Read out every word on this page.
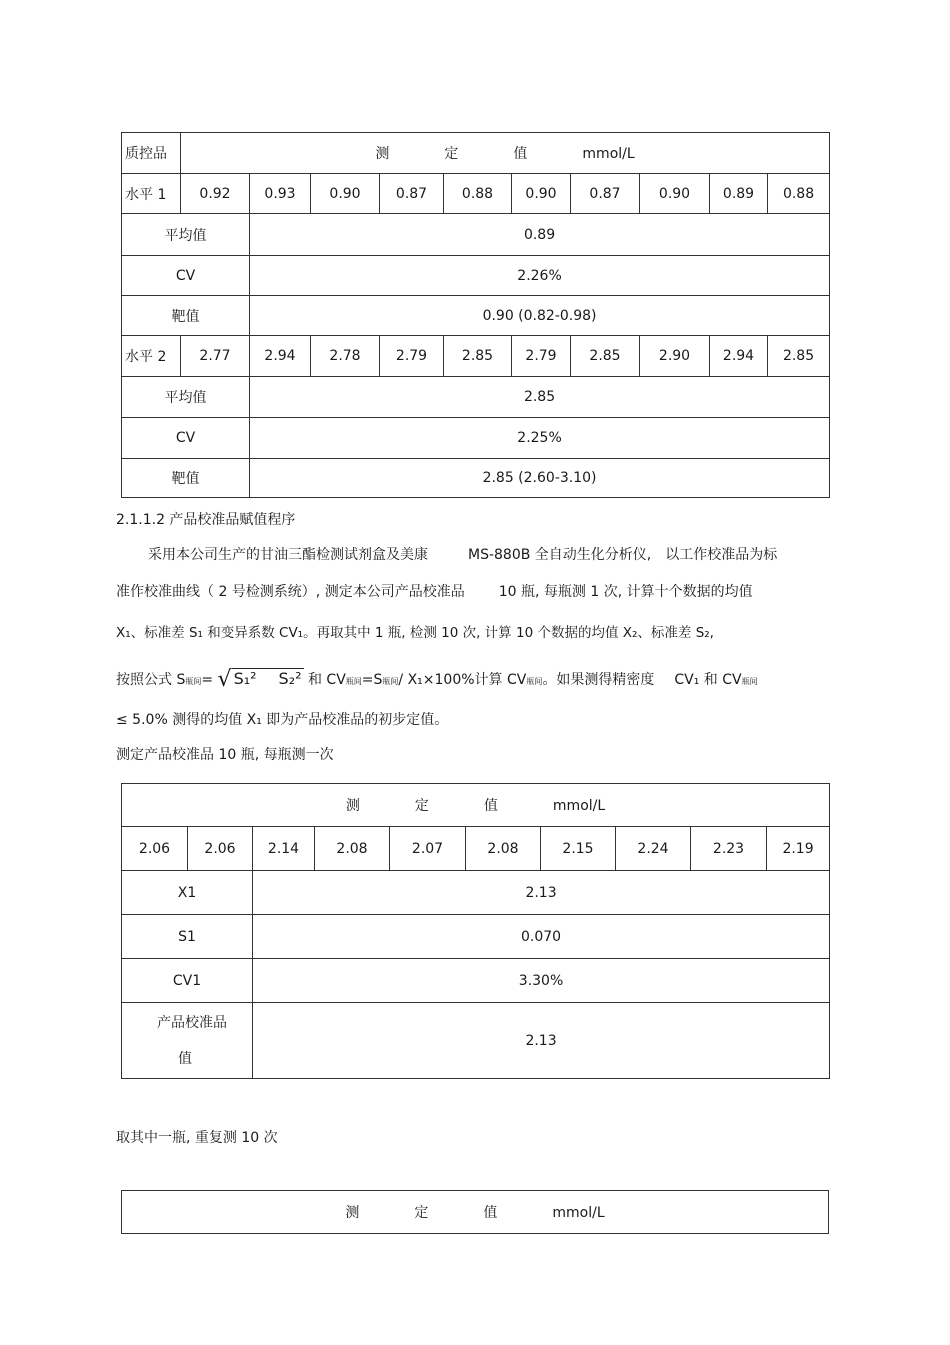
质控品	测 定 值 mmol/L									
水平 1	0.92	0.93	0.90	0.87	0.88	0.90	0.87	0.90	0.89	0.88
平均值		0.89								
CV		2.26%								
靶值		0.90 (0.82-0.98)								
水平 2	2.77	2.94	2.78	2.79	2.85	2.79	2.85	2.90	2.94	2.85
平均值		2.85								
CV		2.25%								
靶值		2.85 (2.60-3.10)								
2.1.1.2 产品校准品赋值程序
采用本公司生产的甘油三酯检测试剂盒及美康	MS-880B 全自动生化分析仪, 以工作校准品为标
准作校准曲线（ 2 号检测系统）, 测定本公司产品校准品 10 瓶, 每瓶测 1 次, 计算十个数据的均值
X₁、标准差 S₁ 和变异系数 CV₁。再取其中 1 瓶, 检测 10 次, 计算 10 个数据的均值 X₂、标准差 S₂,
按照公式 S瓶间= √ S₁² S₂² 和 CV瓶间=S瓶间/ X₁×100%计算 CV瓶间。如果测得精密度 CV₁ 和 CV瓶间
≤ 5.0% 测得的均值 X₁ 即为产品校准品的初步定值。
测定产品校准品 10 瓶, 每瓶测一次
测 定 值 mmol/L									
2.06	2.06	2.14	2.08	2.07	2.08	2.15	2.24	2.23	2.19
X1		2.13							
S1		0.070							
CV1		3.30%							

产品校准品
值		2.13							
取其中一瓶, 重复测 10 次
测	定	值	mmol/L
